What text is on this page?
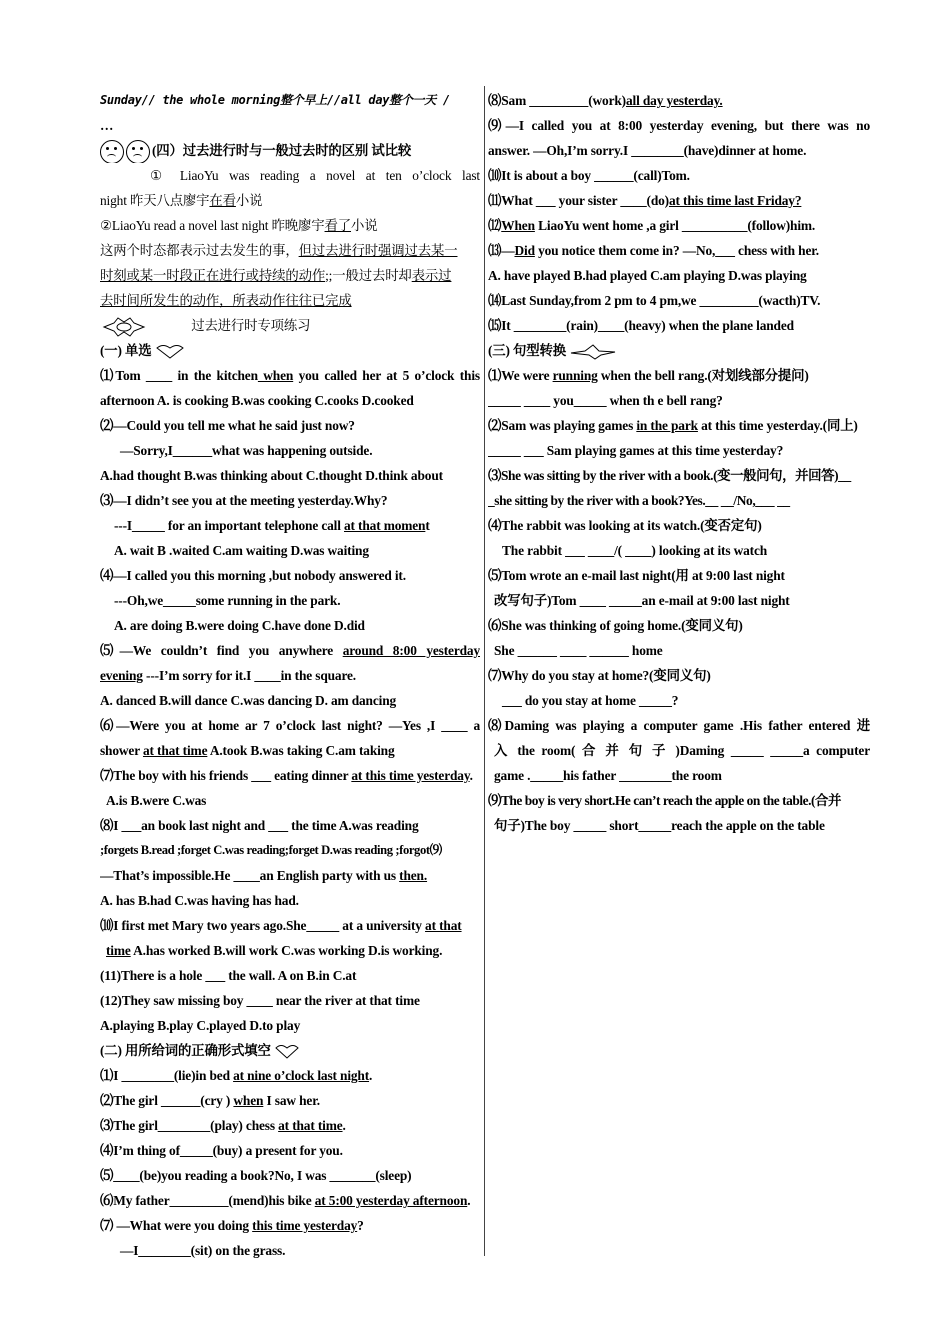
Sunday// the whole morning整个早上//all day整个一天 /
…
(四）过去进行时与一般过去时的区别 试比较
① LiaoYu was reading a novel at ten o’clock last
night 昨天八点廖宇在看小说
②LiaoYu read a novel last night 昨晚廖宇看了小说
这两个时态都表示过去发生的事，但过去进行时强调过去某一
时刻或某一时段正在进行或持续的动作;;一般过去时却表示过
去时间所发生的动作，所表动作往往已完成
过去进行时专项练习
(一) 单选
⑴Tom ____ in the kitchen when you called her at 5 o’clock this
afternoon A. is cooking B.was cooking C.cooks D.cooked
⑵—Could you tell me what he said just now?
—Sorry,I______what was happening outside.
A.had thought B.was thinking about C.thought D.think about
⑶—I didn’t see you at the meeting yesterday.Why?
---I_____ for an important telephone call at that moment
A. wait B .waited C.am waiting D.was waiting
⑷—I called you this morning ,but nobody answered it.
---Oh,we_____some running in the park.
A. are doing B.were doing C.have done D.did
⑸—We couldn’t find you anywhere around 8:00 yesterday
evening ---I’m sorry for it.I ____in the square.
A. danced B.will dance C.was dancing D. am dancing
⑹—Were you at home ar 7 o’clock last night? —Yes ,I ____ a
shower at that time A.took B.was taking C.am taking
⑺The boy with his friends ___ eating dinner at this time yesterday.
A.is B.were C.was
⑻I ___an book last night and ___ the time A.was reading
;forgets B.read ;forget C.was reading;forget D.was reading ;forgot⑼
—That’s impossible.He ____an English party with us then.
A. has B.had C.was having has had.
⑽I first met Mary two years ago.She_____ at a university at that
time A.has worked B.will work C.was working D.is working.
(11)There is a hole ___ the wall. A on B.in C.at
(12)They saw missing boy ____ near the river at that time
A.playing B.play C.played D.to play
(二) 用所给词的正确形式填空
⑴I ________(lie)in bed at nine o’clock last night.
⑵The girl ______(cry ) when I saw her.
⑶The girl________(play) chess at that time.
⑷I’m thing of_____(buy) a present for you.
⑸____(be)you reading a book?No, I was _______(sleep)
⑹My father_________(mend)his bike at 5:00 yesterday afternoon.
⑺ —What were you doing this time yesterday?
—I________(sit) on the grass.
⑻Sam _________(work)all day yesterday.
⑼—I called you at 8:00 yesterday evening, but there was no
answer. —Oh,I’m sorry.I ________(have)dinner at home.
⑽It is about a boy ______(call)Tom.
⑾What ___ your sister ____(do)at this time last Friday?
⑿When LiaoYu went home ,a girl __________(follow)him.
⒀—Did you notice them come in? —No,___ chess with her.
A. have played B.had played C.am playing D.was playing
⒁Last Sunday,from 2 pm to 4 pm,we _________(wacth)TV.
⒂It ________(rain)____(heavy) when the plane landed
(三) 句型转换
⑴We were running when the bell rang.(对划线部分提问)
_____ ____ you_____ when th e bell rang?
⑵Sam was playing games in the park at this time yesterday.(同上)
_____ ___ Sam playing games at this time yesterday?
⑶She was sitting by the river with a book.(变一般问句，并回答)__
_she sitting by the river with a book?Yes.__ __/No,___ __
⑷The rabbit was looking at its watch.(变否定句)
The rabbit ___ ____/( ____) looking at its watch
⑸Tom wrote an e-mail last night(用 at 9:00 last night
改写句子)Tom ____ _____an e-mail at 9:00 last night
⑹She was thinking of going home.(变同义句)
She ______ ____ ______ home
⑺Why do you stay at home?(变同义句)
___ do you stay at home _____?
⑻Daming was playing a computer game .His father entered 进
入 the room( 合 并 句 子 )Daming _____ _____a computer
game ._____his father ________the room
⑼The boy is very short.He can’t reach the apple on the table.(合并
句子)The boy _____ short_____reach the apple on the table
